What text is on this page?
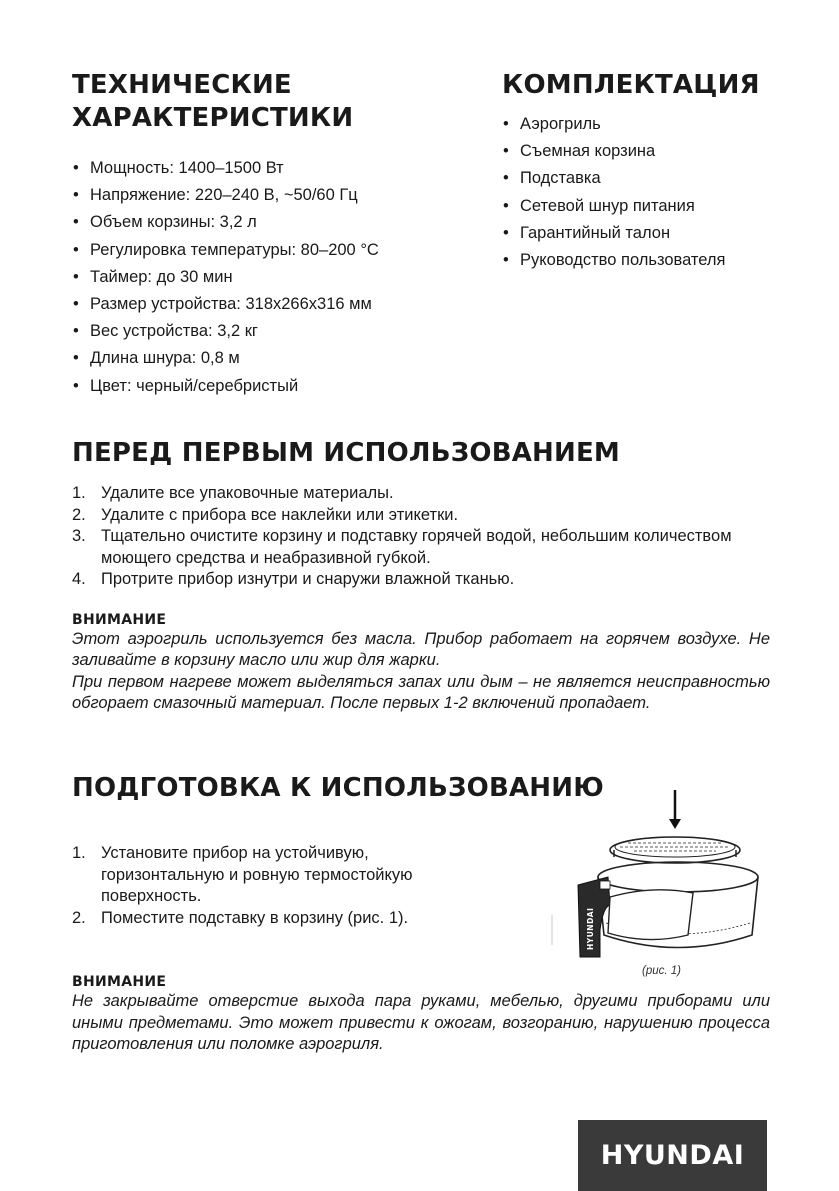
ТЕХНИЧЕСКИЕ
ХАРАКТЕРИСТИКИ
• Мощность: 1400–1500 Вт
• Напряжение: 220–240 В, ~50/60 Гц
• Объем корзины: 3,2 л
• Регулировка температуры: 80–200 °С
• Таймер: до 30 мин
• Размер устройства: 318х266х316 мм
• Вес устройства: 3,2 кг
• Длина шнура: 0,8 м
• Цвет: черный/серебристый
КОМПЛЕКТАЦИЯ
• Аэрогриль
• Съемная корзина
• Подставка
• Сетевой шнур питания
• Гарантийный талон
• Руководство пользователя
ПЕРЕД ПЕРВЫМ ИСПОЛЬЗОВАНИЕМ
1. Удалите все упаковочные материалы.
2. Удалите с прибора все наклейки или этикетки.
3. Тщательно очистите корзину и подставку горячей водой, небольшим количеством моющего средства и неабразивной губкой.
4. Протрите прибор изнутри и снаружи влажной тканью.
ВНИМАНИЕ

Этот аэрогриль используется без масла. Прибор работает на горячем воздухе. Не заливайте в корзину масло или жир для жарки.

При первом нагреве может выделяться запах или дым – не является неисправностью обгорает смазочный материал. После первых 1-2 включений пропадает.

ПОДГОТОВКА К ИСПОЛЬЗОВАНИЮ
1. Установите прибор на устойчивую, горизонтальную и ровную термостойкую поверхность.
2. Поместите подставку в корзину (рис. 1).	HYUNDAI
(рис. 1)
ВНИМАНИЕ

Не закрывайте отверстие выхода пара руками, мебелью, другими приборами или иными предметами. Это может привести к ожогам, возгоранию, нарушению процесса приготовления или поломке аэрогриля.

HYUNDAI
